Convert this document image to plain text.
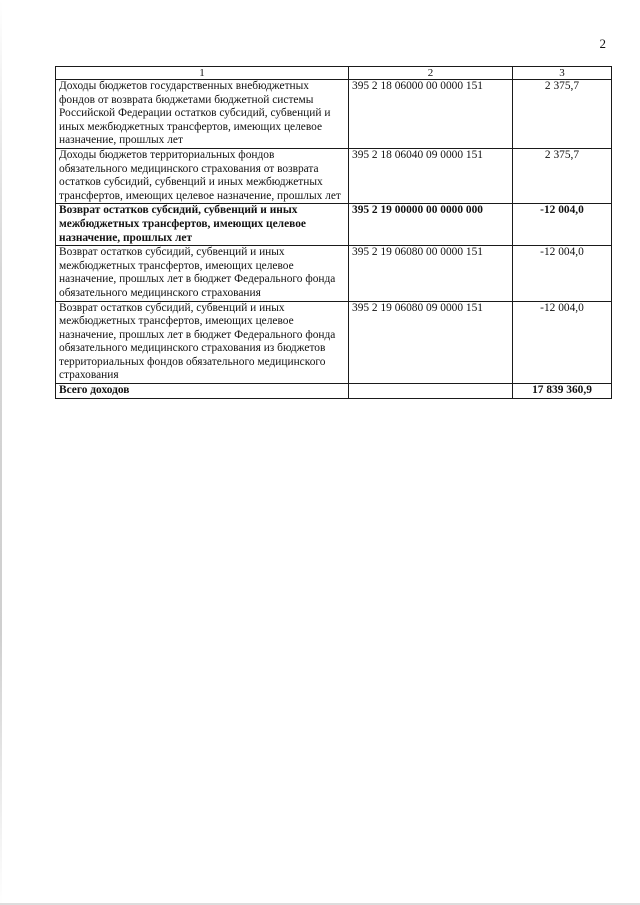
2
1	2	3
Доходы бюджетов государственных внебюджетных фондов от возврата бюджетами бюджетной системы Российской Федерации остатков субсидий, субвенций и иных межбюджетных трансфертов, имеющих целевое назначение, прошлых лет	395 2 18 06000 00 0000 151	2 375,7
Доходы бюджетов территориальных фондов обязательного медицинского страхования от возврата остатков субсидий, субвенций и иных межбюджетных трансфертов, имеющих целевое назначение, прошлых лет	395 2 18 06040 09 0000 151	2 375,7
Возврат остатков субсидий, субвенций и иных межбюджетных трансфертов, имеющих целевое назначение, прошлых лет	395 2 19 00000 00 0000 000	-12 004,0
Возврат остатков субсидий, субвенций и иных межбюджетных трансфертов, имеющих целевое назначение, прошлых лет в бюджет Федерального фонда обязательного медицинского страхования	395 2 19 06080 00 0000 151	-12 004,0
Возврат остатков субсидий, субвенций и иных межбюджетных трансфертов, имеющих целевое назначение, прошлых лет в бюджет Федерального фонда обязательного медицинского страхования из бюджетов территориальных фондов обязательного медицинского страхования	395 2 19 06080 09 0000 151	-12 004,0
Всего доходов		17 839 360,9
